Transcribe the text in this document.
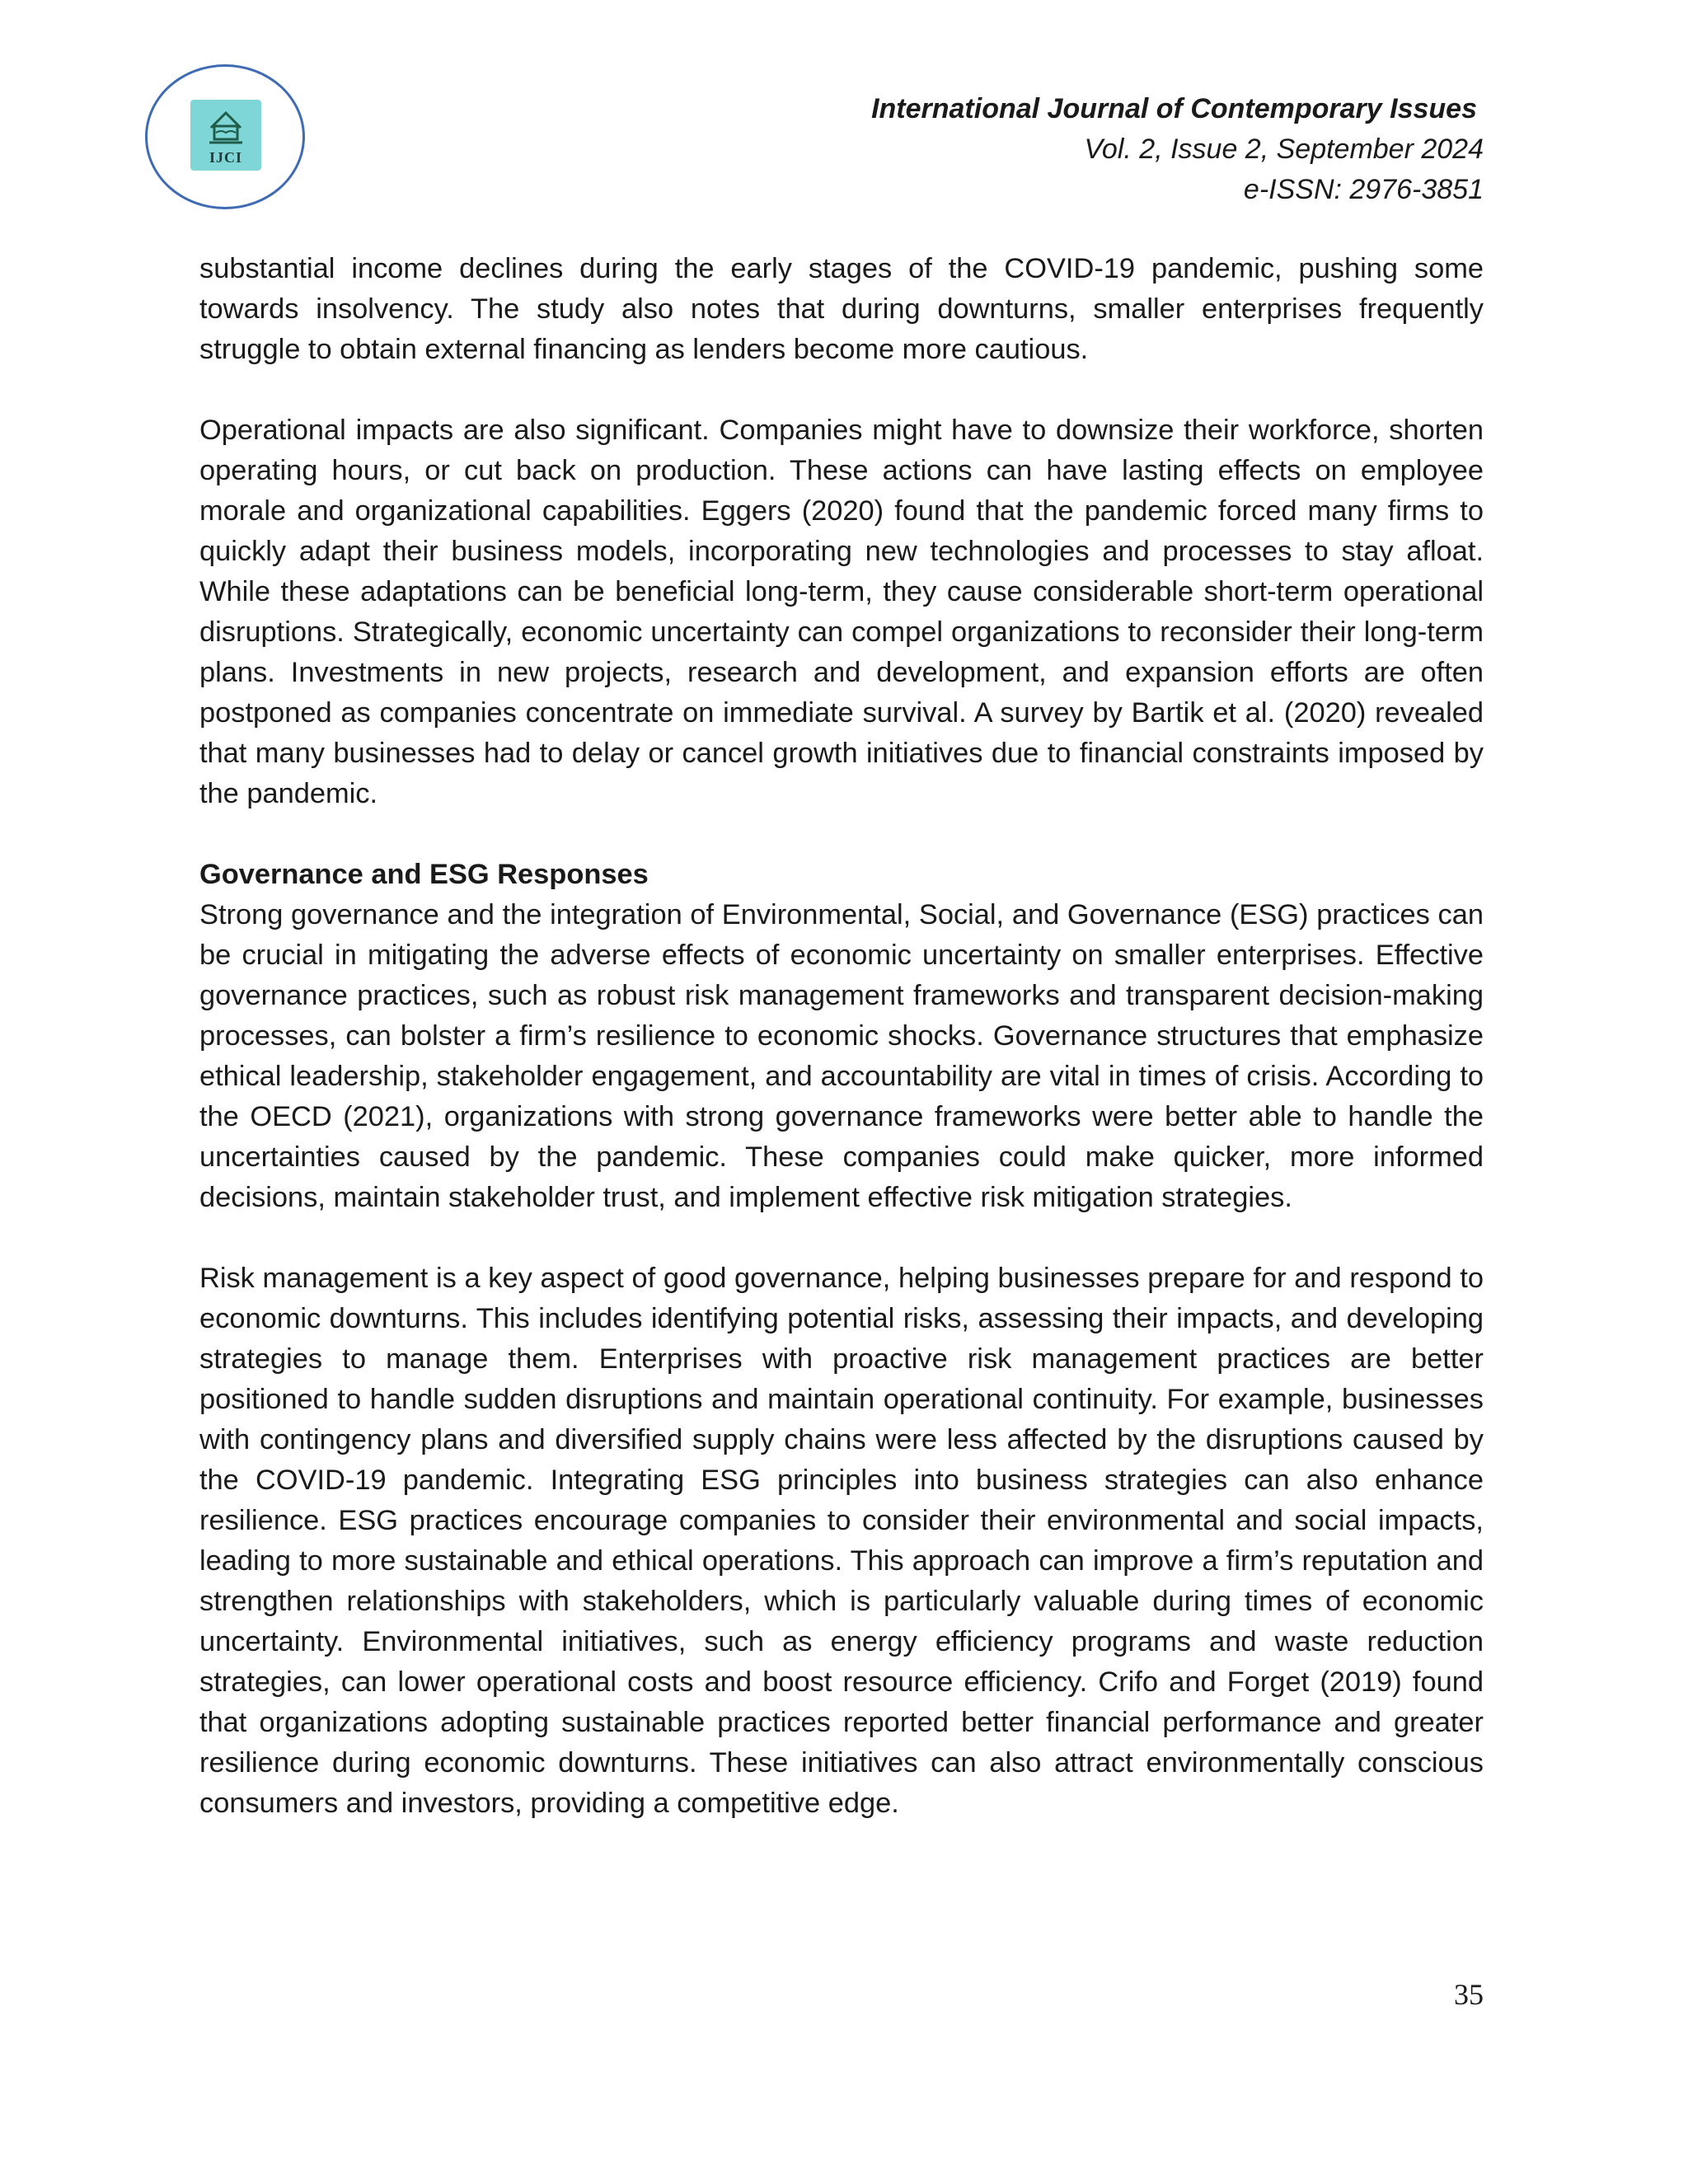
IJCI
International Journal of Contemporary Issues
Vol. 2, Issue 2, September 2024
e-ISSN: 2976-3851

substantial income declines during the early stages of the COVID-19 pandemic, pushing some towards insolvency. The study also notes that during downturns, smaller enterprises frequently struggle to obtain external financing as lenders become more cautious.

Operational impacts are also significant. Companies might have to downsize their workforce, shorten operating hours, or cut back on production. These actions can have lasting effects on employee morale and organizational capabilities. Eggers (2020) found that the pandemic forced many firms to quickly adapt their business models, incorporating new technologies and processes to stay afloat. While these adaptations can be beneficial long-term, they cause considerable short-term operational disruptions. Strategically, economic uncertainty can compel organizations to reconsider their long-term plans. Investments in new projects, research and development, and expansion efforts are often postponed as companies concentrate on immediate survival. A survey by Bartik et al. (2020) revealed that many businesses had to delay or cancel growth initiatives due to financial constraints imposed by the pandemic.

Governance and ESG Responses

Strong governance and the integration of Environmental, Social, and Governance (ESG) practices can be crucial in mitigating the adverse effects of economic uncertainty on smaller enterprises. Effective governance practices, such as robust risk management frameworks and transparent decision-making processes, can bolster a firm’s resilience to economic shocks. Governance structures that emphasize ethical leadership, stakeholder engagement, and accountability are vital in times of crisis. According to the OECD (2021), organizations with strong governance frameworks were better able to handle the uncertainties caused by the pandemic. These companies could make quicker, more informed decisions, maintain stakeholder trust, and implement effective risk mitigation strategies.

Risk management is a key aspect of good governance, helping businesses prepare for and respond to economic downturns. This includes identifying potential risks, assessing their impacts, and developing strategies to manage them. Enterprises with proactive risk management practices are better positioned to handle sudden disruptions and maintain operational continuity. For example, businesses with contingency plans and diversified supply chains were less affected by the disruptions caused by the COVID-19 pandemic. Integrating ESG principles into business strategies can also enhance resilience. ESG practices encourage companies to consider their environmental and social impacts, leading to more sustainable and ethical operations. This approach can improve a firm’s reputation and strengthen relationships with stakeholders, which is particularly valuable during times of economic uncertainty. Environmental initiatives, such as energy efficiency programs and waste reduction strategies, can lower operational costs and boost resource efficiency. Crifo and Forget (2019) found that organizations adopting sustainable practices reported better financial performance and greater resilience during economic downturns. These initiatives can also attract environmentally conscious consumers and investors, providing a competitive edge.

35
